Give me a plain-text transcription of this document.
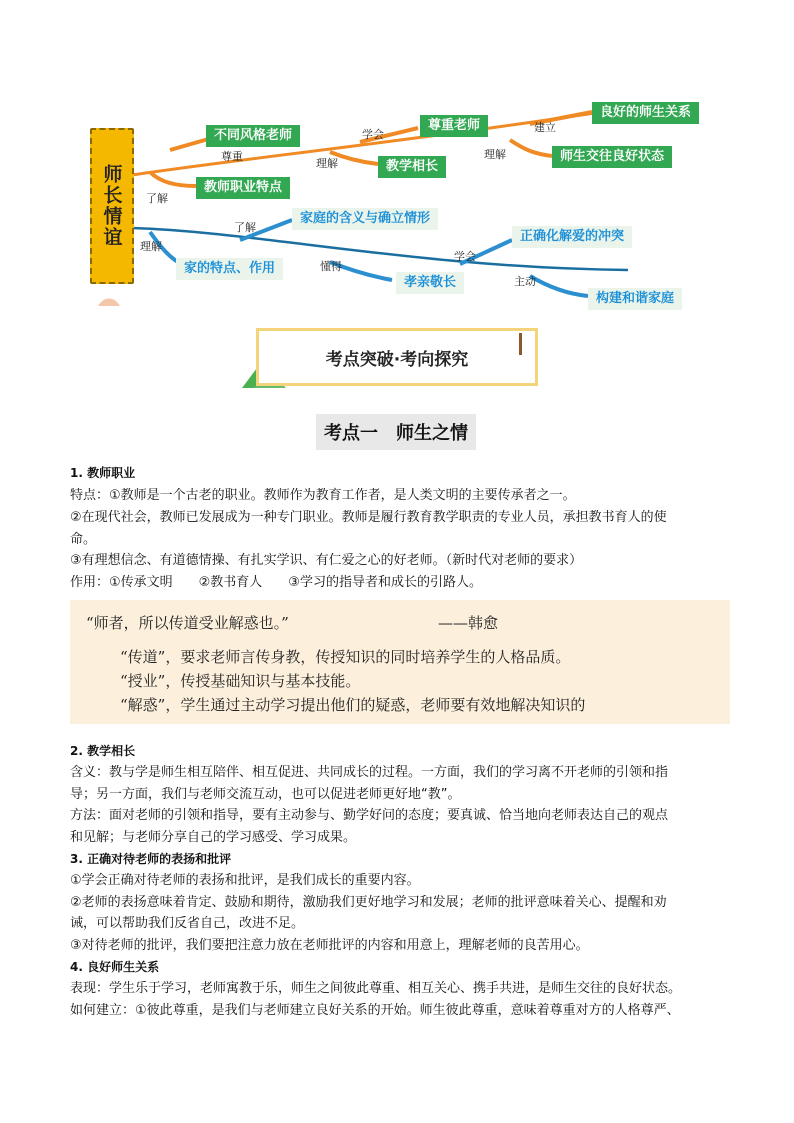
师长情谊
不同风格老师
教师职业特点
尊重老师
教学相长
良好的师生关系
师生交往良好状态
家庭的含义与确立情形
家的特点、作用
孝亲敬长
正确化解爱的冲突
构建和谐家庭
尊重
了解
学会
理解
建立
理解
了解
理解
懂得
学会
主动
考点突破·考向探究
考点一　师生之情
1. 教师职业
特点：①教师是一个古老的职业。教师作为教育工作者，是人类文明的主要传承者之一。
②在现代社会，教师已发展成为一种专门职业。教师是履行教育教学职责的专业人员，承担教书育人的使
命。
③有理想信念、有道德情操、有扎实学识、有仁爱之心的好老师。（新时代对老师的要求）
作用：①传承文明　　②教书育人　　③学习的指导者和成长的引路人。
“师者，所以传道受业解惑也。”	——韩愈
“传道”，要求老师言传身教，传授知识的同时培养学生的人格品质。
“授业”，传授基础知识与基本技能。
“解惑”，学生通过主动学习提出他们的疑惑，老师要有效地解决知识的
2. 教学相长
含义：教与学是师生相互陪伴、相互促进、共同成长的过程。一方面，我们的学习离不开老师的引领和指
导；另一方面，我们与老师交流互动，也可以促进老师更好地“教”。
方法：面对老师的引领和指导，要有主动参与、勤学好问的态度；要真诚、恰当地向老师表达自己的观点
和见解；与老师分享自己的学习感受、学习成果。
3. 正确对待老师的表扬和批评
①学会正确对待老师的表扬和批评，是我们成长的重要内容。
②老师的表扬意味着肯定、鼓励和期待，激励我们更好地学习和发展；老师的批评意味着关心、提醒和劝
诫，可以帮助我们反省自己，改进不足。
③对待老师的批评，我们要把注意力放在老师批评的内容和用意上，理解老师的良苦用心。
4. 良好师生关系
表现：学生乐于学习，老师寓教于乐，师生之间彼此尊重、相互关心、携手共进，是师生交往的良好状态。
如何建立：①彼此尊重，是我们与老师建立良好关系的开始。师生彼此尊重，意味着尊重对方的人格尊严、
